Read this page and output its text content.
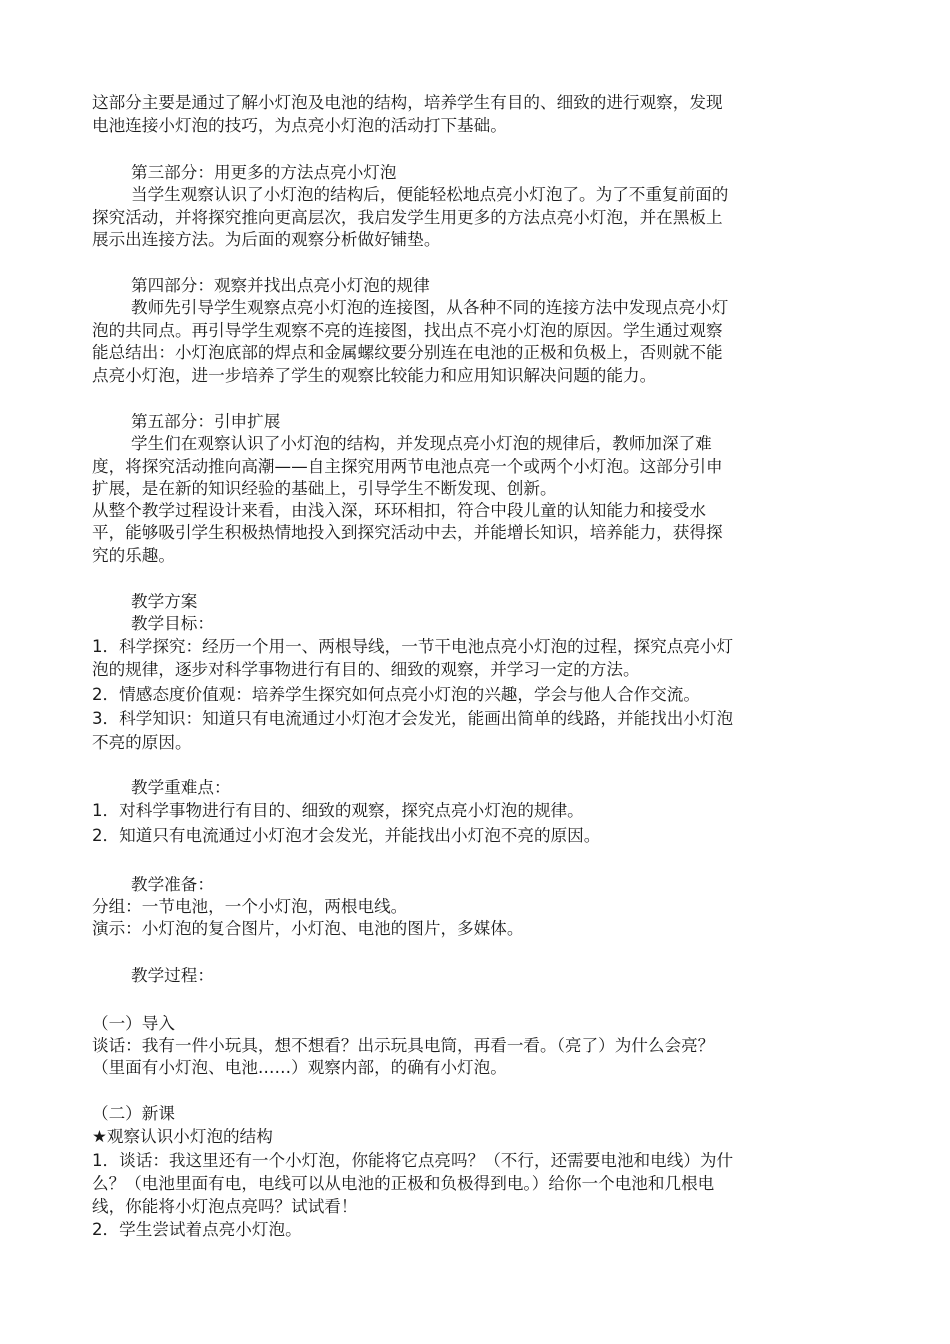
这部分主要是通过了解小灯泡及电池的结构，培养学生有目的、细致的进行观察，发现

电池连接小灯泡的技巧，为点亮小灯泡的活动打下基础。

第三部分：用更多的方法点亮小灯泡

当学生观察认识了小灯泡的结构后，便能轻松地点亮小灯泡了。为了不重复前面的

探究活动，并将探究推向更高层次，我启发学生用更多的方法点亮小灯泡，并在黑板上

展示出连接方法。为后面的观察分析做好铺垫。

第四部分：观察并找出点亮小灯泡的规律

教师先引导学生观察点亮小灯泡的连接图，从各种不同的连接方法中发现点亮小灯

泡的共同点。再引导学生观察不亮的连接图，找出点不亮小灯泡的原因。学生通过观察

能总结出：小灯泡底部的焊点和金属螺纹要分别连在电池的正极和负极上，否则就不能

点亮小灯泡，进一步培养了学生的观察比较能力和应用知识解决问题的能力。

第五部分：引申扩展

学生们在观察认识了小灯泡的结构，并发现点亮小灯泡的规律后，教师加深了难

度，将探究活动推向高潮——自主探究用两节电池点亮一个或两个小灯泡。这部分引申

扩展，是在新的知识经验的基础上，引导学生不断发现、创新。

从整个教学过程设计来看，由浅入深，环环相扣，符合中段儿童的认知能力和接受水

平，能够吸引学生积极热情地投入到探究活动中去，并能增长知识，培养能力，获得探

究的乐趣。

教学方案

教学目标：

1．科学探究：经历一个用一、两根导线，一节干电池点亮小灯泡的过程，探究点亮小灯

泡的规律，逐步对科学事物进行有目的、细致的观察，并学习一定的方法。

2．情感态度价值观：培养学生探究如何点亮小灯泡的兴趣，学会与他人合作交流。

3．科学知识：知道只有电流通过小灯泡才会发光，能画出简单的线路，并能找出小灯泡

不亮的原因。

教学重难点：

1．对科学事物进行有目的、细致的观察，探究点亮小灯泡的规律。

2．知道只有电流通过小灯泡才会发光，并能找出小灯泡不亮的原因。

教学准备：

分组：一节电池，一个小灯泡，两根电线。

演示：小灯泡的复合图片，小灯泡、电池的图片，多媒体。

教学过程：

（一）导入

谈话：我有一件小玩具，想不想看？出示玩具电筒，再看一看。（亮了）为什么会亮？

（里面有小灯泡、电池……）观察内部，的确有小灯泡。

（二）新课

★观察认识小灯泡的结构

1．谈话：我这里还有一个小灯泡，你能将它点亮吗？（不行，还需要电池和电线）为什

么？（电池里面有电，电线可以从电池的正极和负极得到电。）给你一个电池和几根电

线，你能将小灯泡点亮吗？试试看！

2．学生尝试着点亮小灯泡。
